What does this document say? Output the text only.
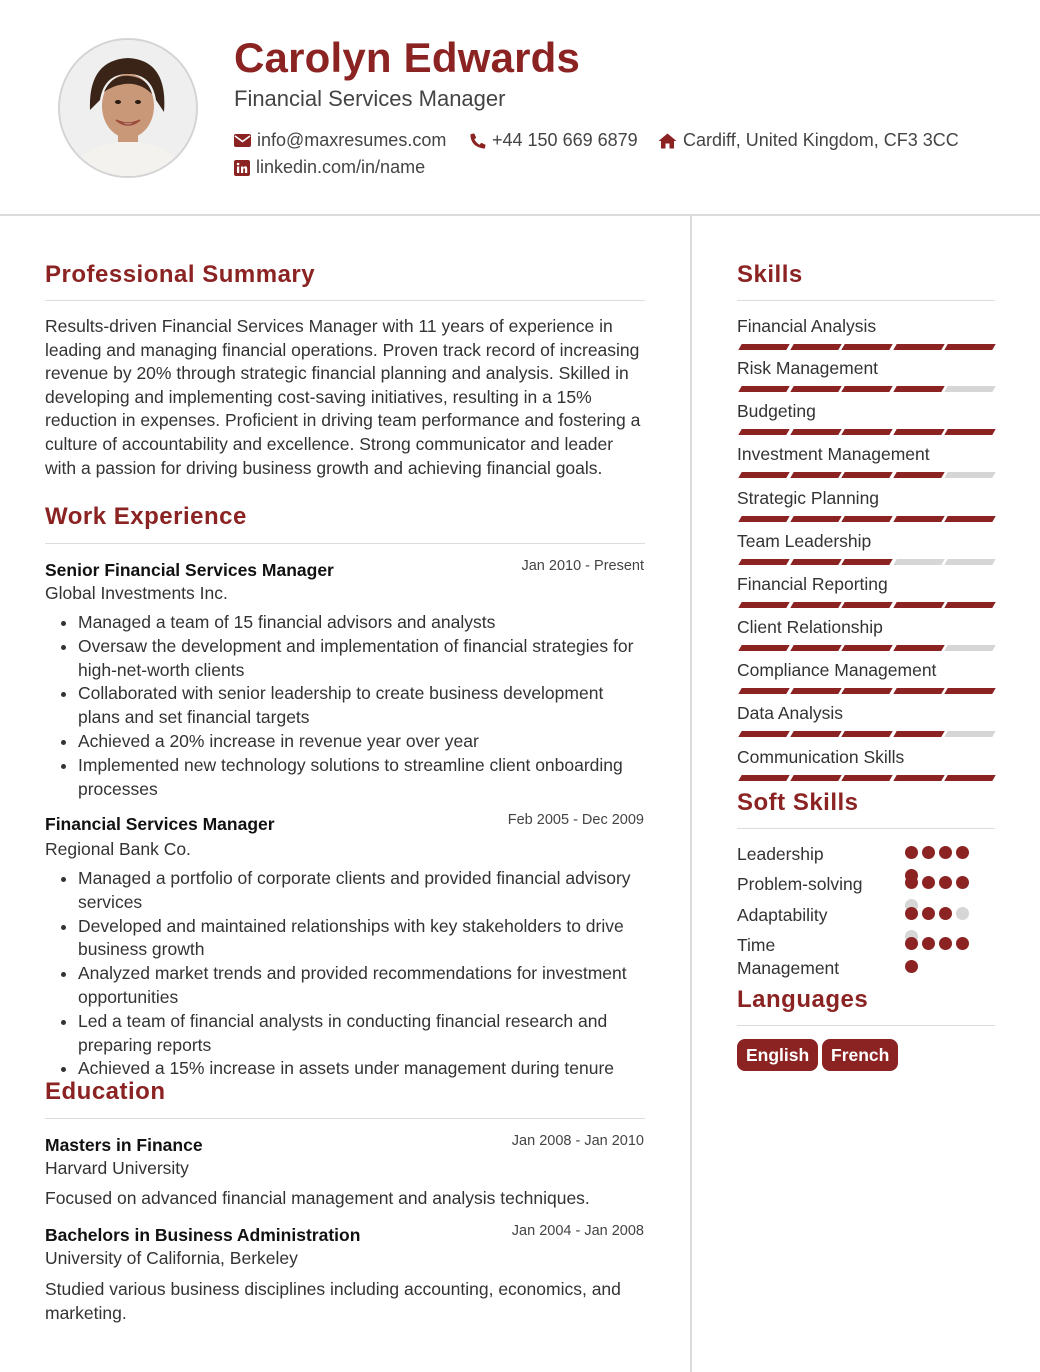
Carolyn Edwards
Financial Services Manager
info@maxresumes.com	+44 150 669 6879	Cardiff, United Kingdom, CF3 3CC
linkedin.com/in/name
Professional Summary
Results-driven Financial Services Manager with 11 years of experience in leading and managing financial operations. Proven track record of increasing revenue by 20% through strategic financial planning and analysis. Skilled in developing and implementing cost-saving initiatives, resulting in a 15% reduction in expenses. Proficient in driving team performance and fostering a culture of accountability and excellence. Strong communicator and leader with a passion for driving business growth and achieving financial goals.
Work Experience
Senior Financial Services Manager	Jan 2010 - Present
Global Investments Inc.
• Managed a team of 15 financial advisors and analysts
• Oversaw the development and implementation of financial strategies for high-net-worth clients
• Collaborated with senior leadership to create business development plans and set financial targets
• Achieved a 20% increase in revenue year over year
• Implemented new technology solutions to streamline client onboarding processes
Financial Services Manager	Feb 2005 - Dec 2009
Regional Bank Co.
• Managed a portfolio of corporate clients and provided financial advisory services
• Developed and maintained relationships with key stakeholders to drive business growth
• Analyzed market trends and provided recommendations for investment opportunities
• Led a team of financial analysts in conducting financial research and preparing reports
• Achieved a 15% increase in assets under management during tenure
Education
Masters in Finance	Jan 2008 - Jan 2010
Harvard University
Focused on advanced financial management and analysis techniques.
Bachelors in Business Administration	Jan 2004 - Jan 2008
University of California, Berkeley
Studied various business disciplines including accounting, economics, and marketing.
Skills
Financial Analysis
Risk Management
Budgeting
Investment Management
Strategic Planning
Team Leadership
Financial Reporting
Client Relationship
Compliance Management
Data Analysis
Communication Skills
Soft Skills
Leadership
Problem-solving
Adaptability
Time Management
Languages
English	French
